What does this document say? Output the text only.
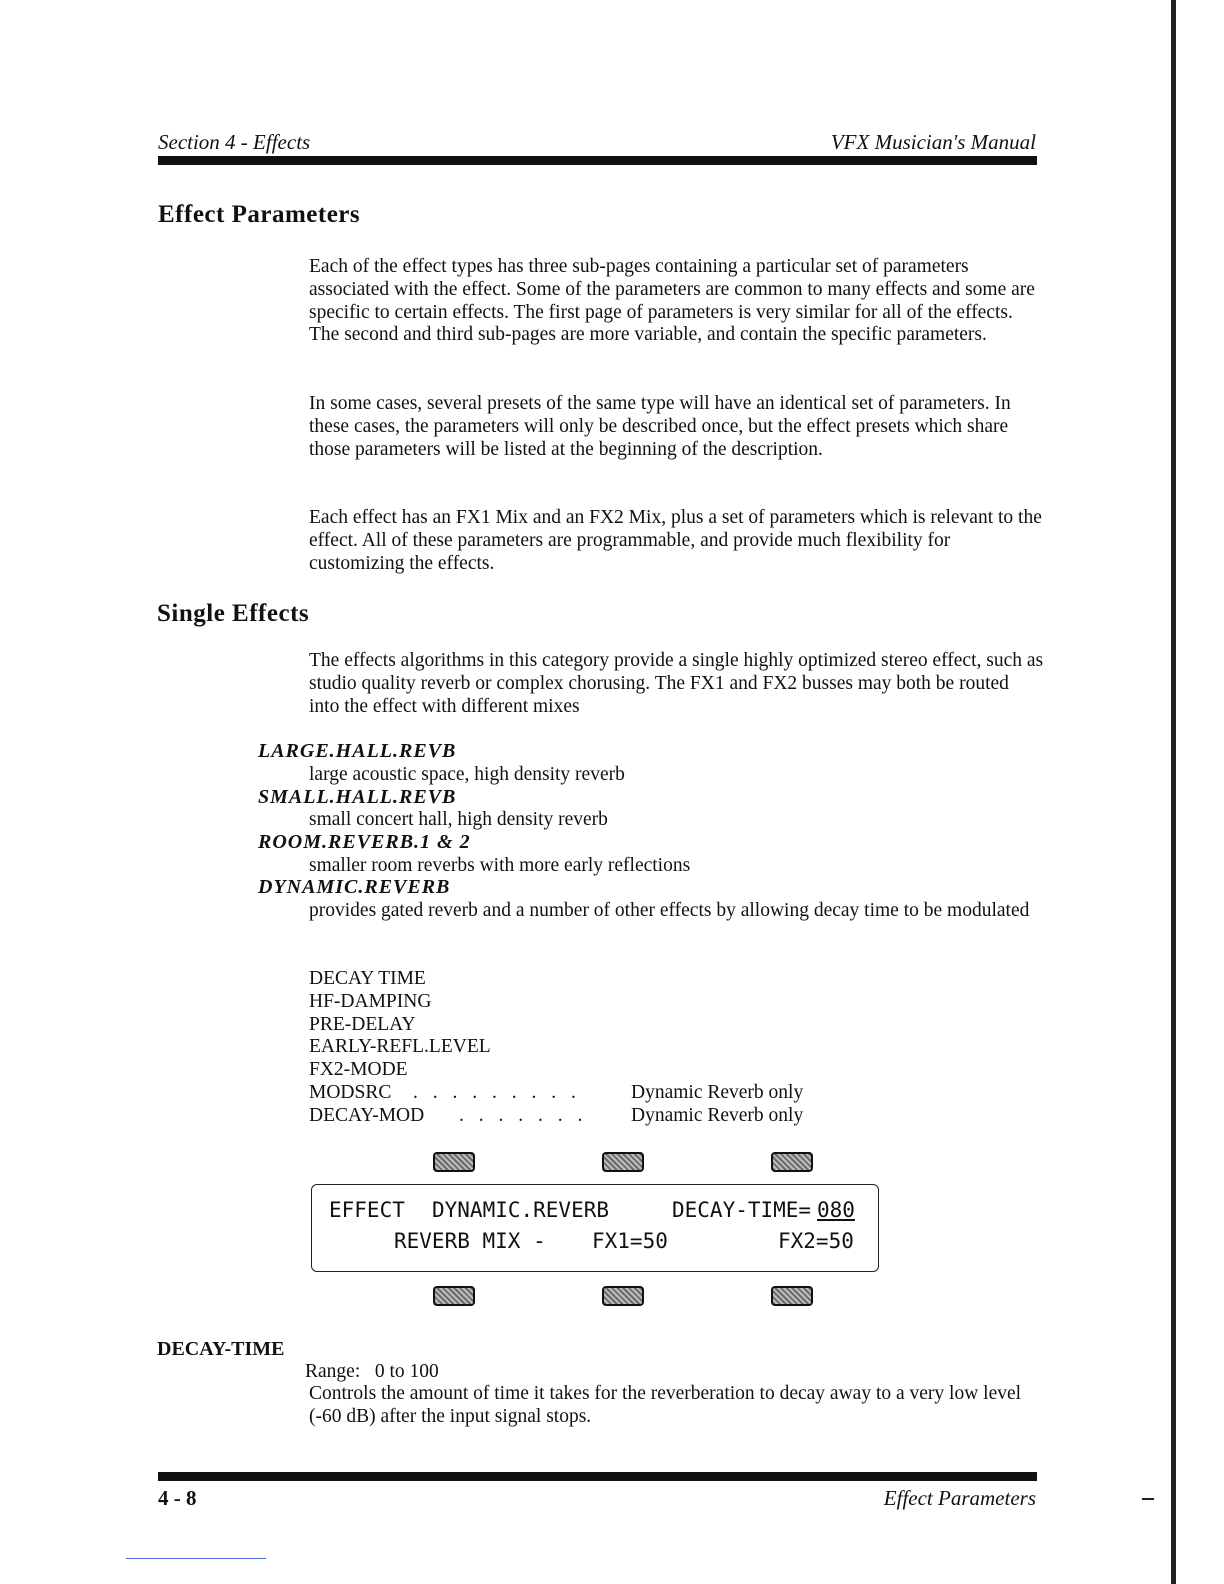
Section 4 - Effects	VFX Musician's Manual
Effect Parameters

Each of the effect types has three sub-pages containing a particular set of parameters associated with the effect. Some of the parameters are common to many effects and some are specific to certain effects. The first page of parameters is very similar for all of the effects. The second and third sub-pages are more variable, and contain the specific parameters.

In some cases, several presets of the same type will have an identical set of parameters. In these cases, the parameters will only be described once, but the effect presets which share those parameters will be listed at the beginning of the description.

Each effect has an FX1 Mix and an FX2 Mix, plus a set of parameters which is relevant to the effect. All of these parameters are programmable, and provide much flexibility for customizing the effects.

Single Effects

The effects algorithms in this category provide a single highly optimized stereo effect, such as studio quality reverb or complex chorusing. The FX1 and FX2 busses may both be routed into the effect with different mixes

LARGE.HALL.REVB
large acoustic space, high density reverb
SMALL.HALL.REVB
small concert hall, high density reverb
ROOM.REVERB.1 & 2
smaller room reverbs with more early reflections
DYNAMIC.REVERB
provides gated reverb and a number of other effects by allowing decay time to be modulated
DECAY TIME
HF-DAMPING
PRE-DELAY
EARLY-REFL.LEVEL
FX2-MODE
MODSRC . . . . . . . . .	Dynamic Reverb only
DECAY-MOD . . . . . . . Dynamic Reverb only
EFFECT DYNAMIC.REVERB	DECAY-TIME= 080
REVERB MIX - FX1=50	FX2=50
DECAY-TIME
Range:   0 to 100

Controls the amount of time it takes for the reverberation to decay away to a very low level (-60 dB) after the input signal stops.

4 - 8	Effect Parameters
